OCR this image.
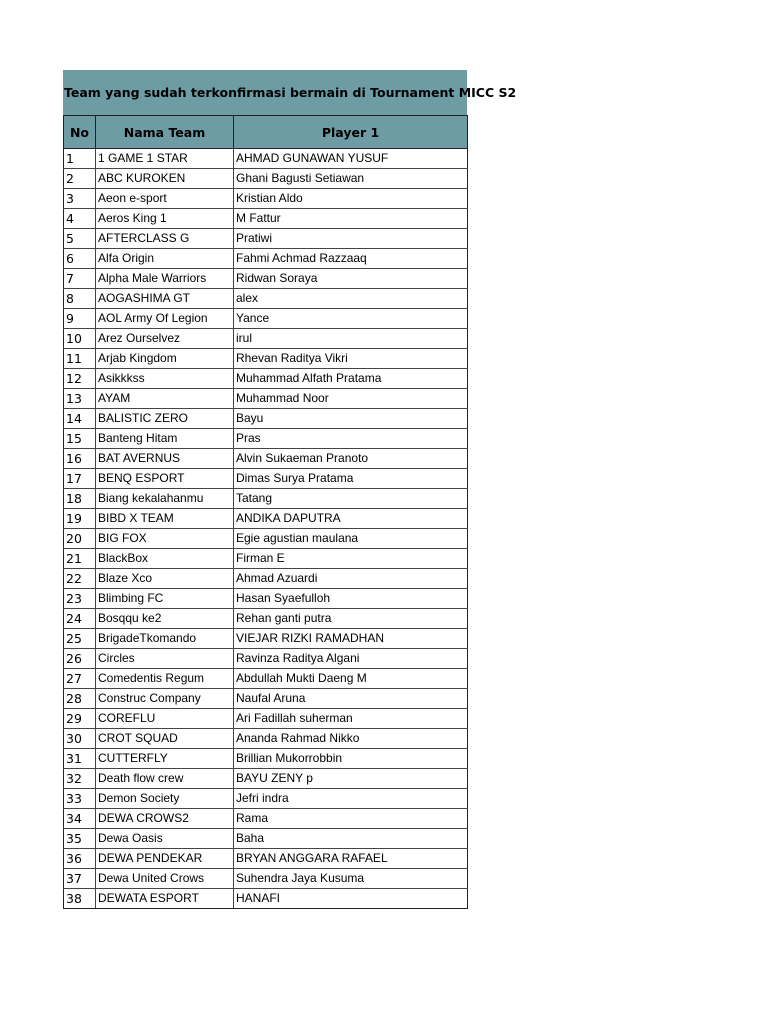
Team yang sudah terkonfirmasi bermain di Tournament MICC S2
No	Nama Team	Player 1
1	1 GAME 1 STAR	AHMAD GUNAWAN YUSUF
2	ABC KUROKEN	Ghani Bagusti Setiawan
3	Aeon e-sport	Kristian Aldo
4	Aeros King 1	M Fattur
5	AFTERCLASS G	Pratiwi
6	Alfa Origin	Fahmi Achmad Razzaaq
7	Alpha Male Warriors	Ridwan Soraya
8	AOGASHIMA GT	alex
9	AOL Army Of Legion	Yance
10	Arez Ourselvez	irul
11	Arjab Kingdom	Rhevan Raditya Vikri
12	Asikkkss	Muhammad Alfath Pratama
13	AYAM	Muhammad Noor
14	BALISTIC ZERO	Bayu
15	Banteng Hitam	Pras
16	BAT AVERNUS	Alvin Sukaeman Pranoto
17	BENQ ESPORT	Dimas Surya Pratama
18	Biang kekalahanmu	Tatang
19	BIBD X TEAM	ANDIKA DAPUTRA
20	BIG FOX	Egie agustian maulana
21	BlackBox	Firman E
22	Blaze Xco	Ahmad Azuardi
23	Blimbing FC	Hasan Syaefulloh
24	Bosqqu ke2	Rehan ganti putra
25	BrigadeTkomando	VIEJAR RIZKI RAMADHAN
26	Circles	Ravinza Raditya Algani
27	Comedentis Regum	Abdullah Mukti Daeng M
28	Construc Company	Naufal Aruna
29	COREFLU	Ari Fadillah suherman
30	CROT SQUAD	Ananda Rahmad Nikko
31	CUTTERFLY	Brillian Mukorrobbin
32	Death flow crew	BAYU ZENY p
33	Demon Society	Jefri indra
34	DEWA CROWS2	Rama
35	Dewa Oasis	Baha
36	DEWA PENDEKAR	BRYAN ANGGARA RAFAEL
37	Dewa United Crows	Suhendra Jaya Kusuma
38	DEWATA ESPORT	HANAFI
